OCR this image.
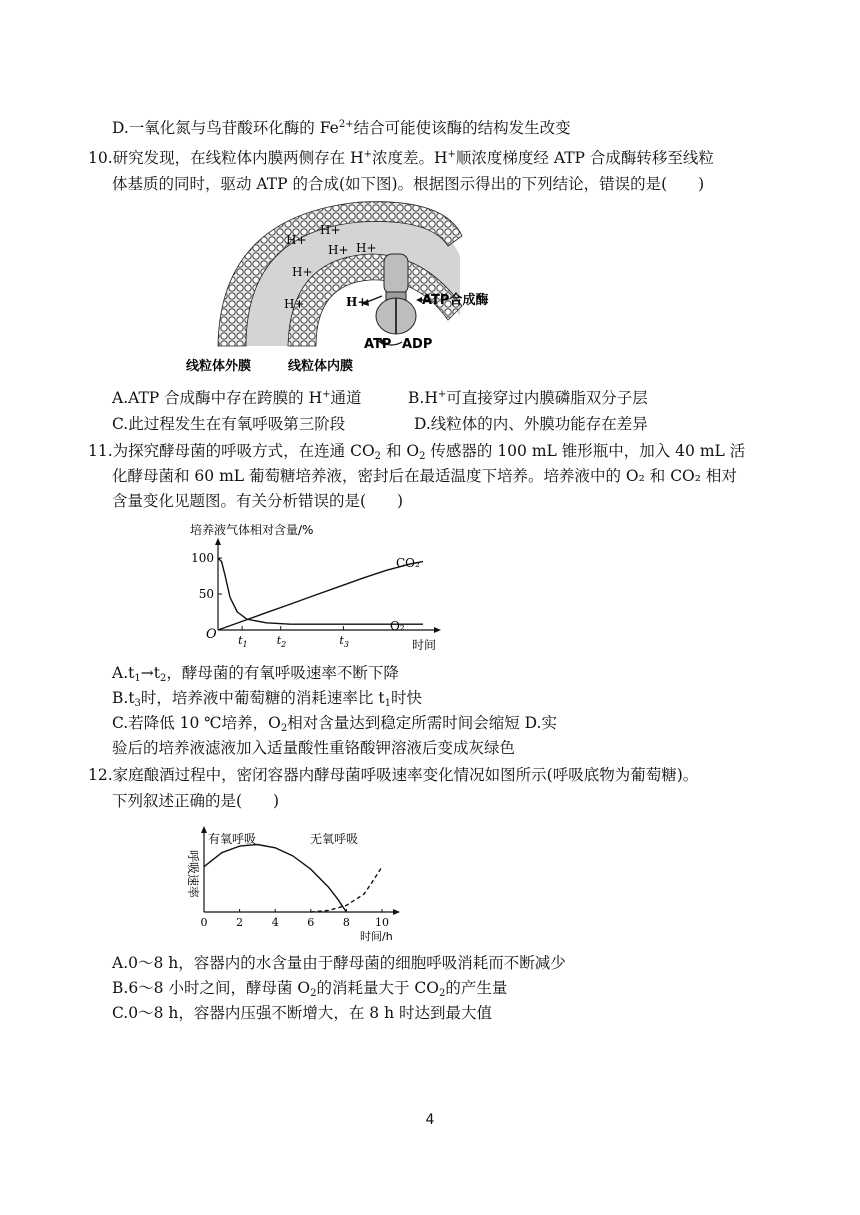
D.一氧化氮与鸟苷酸环化酶的 $Fe^{2+}$结合可能使该酶的结构发生改变
10.研究发现，在线粒体内膜两侧存在 H+浓度差。H+顺浓度梯度经 ATP 合成酶转移至线粒
体基质的同时，驱动 ATP 的合成(如下图)。根据图示得出的下列结论，错误的是(　　)
H+
H+
H+
H+
H+
H+
H+	ATP合成酶
ATP ADP
线粒体外膜	线粒体内膜
A.ATP 合成酶中存在跨膜的 H+通道	B.H+可直接穿过内膜磷脂双分子层
C.此过程发生在有氧呼吸第三阶段	D.线粒体的内、外膜功能存在差异
11.为探究酵母菌的呼吸方式，在连通 $CO_2$ 和 $O_2$ 传感器的 100 mL 锥形瓶中，加入 40 mL 活
化酵母菌和 60 mL 葡萄糖培养液，密封后在最适温度下培养。培养液中的 O₂ 和 CO₂ 相对
含量变化见题图。有关分析错误的是(　　)
培养液气体相对含量/%
100
50
$t_1$	$t_2$	$t_3$
O
时间
CO₂
O₂
$A.t_1\to t_2$，酵母菌的有氧呼吸速率不断下降
$B.t_3$时，培养液中葡萄糖的消耗速率比 $t_1$时快
C.若降低 10 ℃培养，$O_2$相对含量达到稳定所需时间会缩短 D.实
验后的培养液滤液加入适量酸性重铬酸钾溶液后变成灰绿色
12.家庭酿酒过程中，密闭容器内酵母菌呼吸速率变化情况如图所示(呼吸底物为葡萄糖)。
下列叙述正确的是(　　)
呼吸速率
0	2	4	6	8 10
有氧呼吸	无氧呼吸
时间/h
A.0～8 h，容器内的水含量由于酵母菌的细胞呼吸消耗而不断减少
B.6～8 小时之间，酵母菌 $O_2$的消耗量大于 $CO_2$的产生量
C.0～8 h，容器内压强不断增大，在 8 h 时达到最大值
4
